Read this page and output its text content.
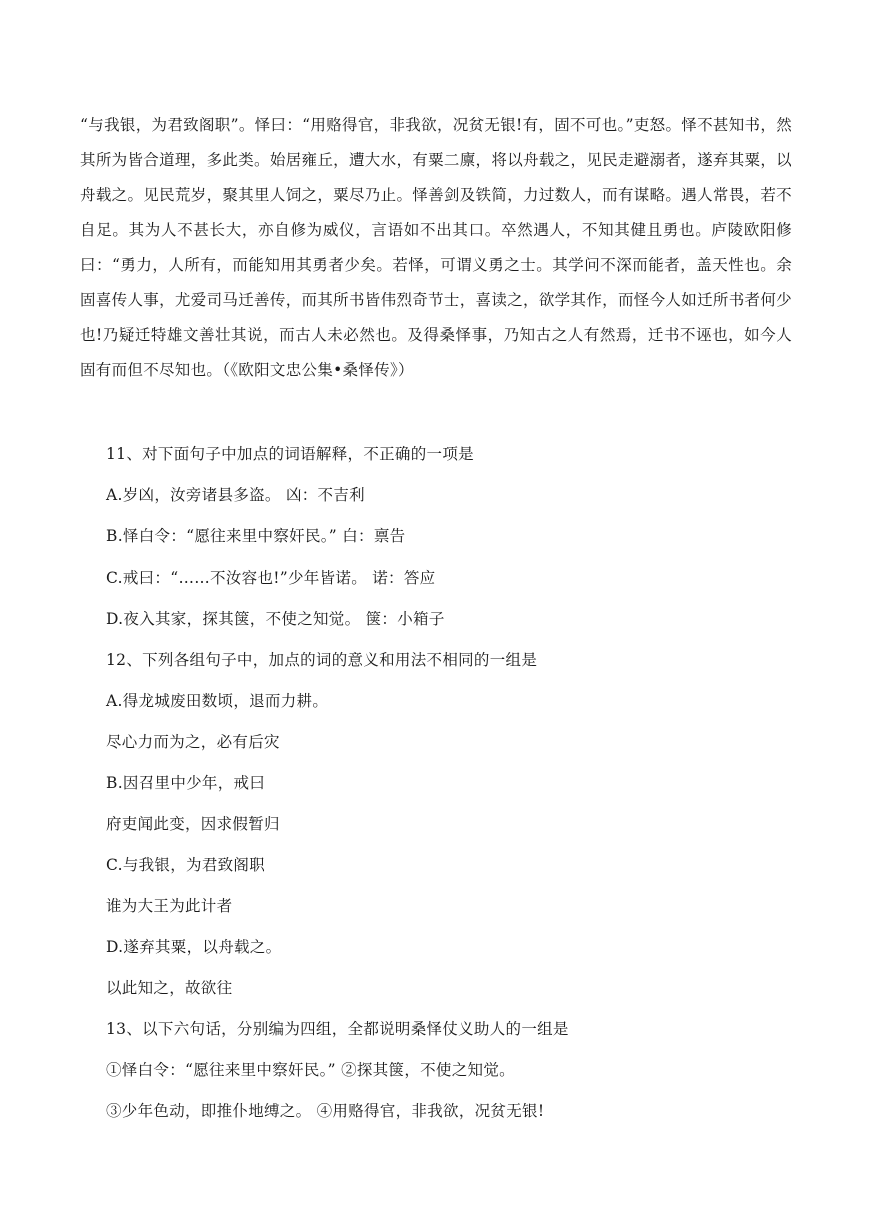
“与我银，为君致阁职”。怿曰：“用赂得官，非我欲，况贫无银!有，固不可也。”吏怒。怿不甚知书，然其所为皆合道理，多此类。始居雍丘，遭大水，有粟二廪，将以舟载之，见民走避溺者，遂弃其粟，以舟载之。见民荒岁，聚其里人饲之，粟尽乃止。怿善剑及铁简，力过数人，而有谋略。遇人常畏，若不自足。其为人不甚长大，亦自修为威仪，言语如不出其口。卒然遇人，不知其健且勇也。庐陵欧阳修曰：“勇力，人所有，而能知用其勇者少矣。若怿，可谓义勇之士。其学问不深而能者，盖天性也。余固喜传人事，尤爱司马迁善传，而其所书皆伟烈奇节士，喜读之，欲学其作，而怪今人如迁所书者何少也!乃疑迁特雄文善壮其说，而古人未必然也。及得桑怿事，乃知古之人有然焉，迁书不诬也，如今人固有而但不尽知也。（《欧阳文忠公集•桑怿传》）
11、对下面句子中加点的词语解释，不正确的一项是
A.岁凶，汝旁诸县多盗。 凶：不吉利
B.怿白令：“愿往来里中察奸民。” 白：禀告
C.戒曰：“……不汝容也!”少年皆诺。 诺：答应
D.夜入其家，探其箧，不使之知觉。 箧：小箱子
12、下列各组句子中，加点的词的意义和用法不相同的一组是
A.得龙城废田数顷，退而力耕。
尽心力而为之，必有后灾
B.因召里中少年，戒曰
府吏闻此变，因求假暂归
C.与我银，为君致阁职
谁为大王为此计者
D.遂弃其粟，以舟载之。
以此知之，故欲往
13、以下六句话，分别编为四组，全都说明桑怿仗义助人的一组是
①怿白令：“愿往来里中察奸民。” ②探其箧，不使之知觉。
③少年色动，即推仆地缚之。 ④用赂得官，非我欲，况贫无银!
